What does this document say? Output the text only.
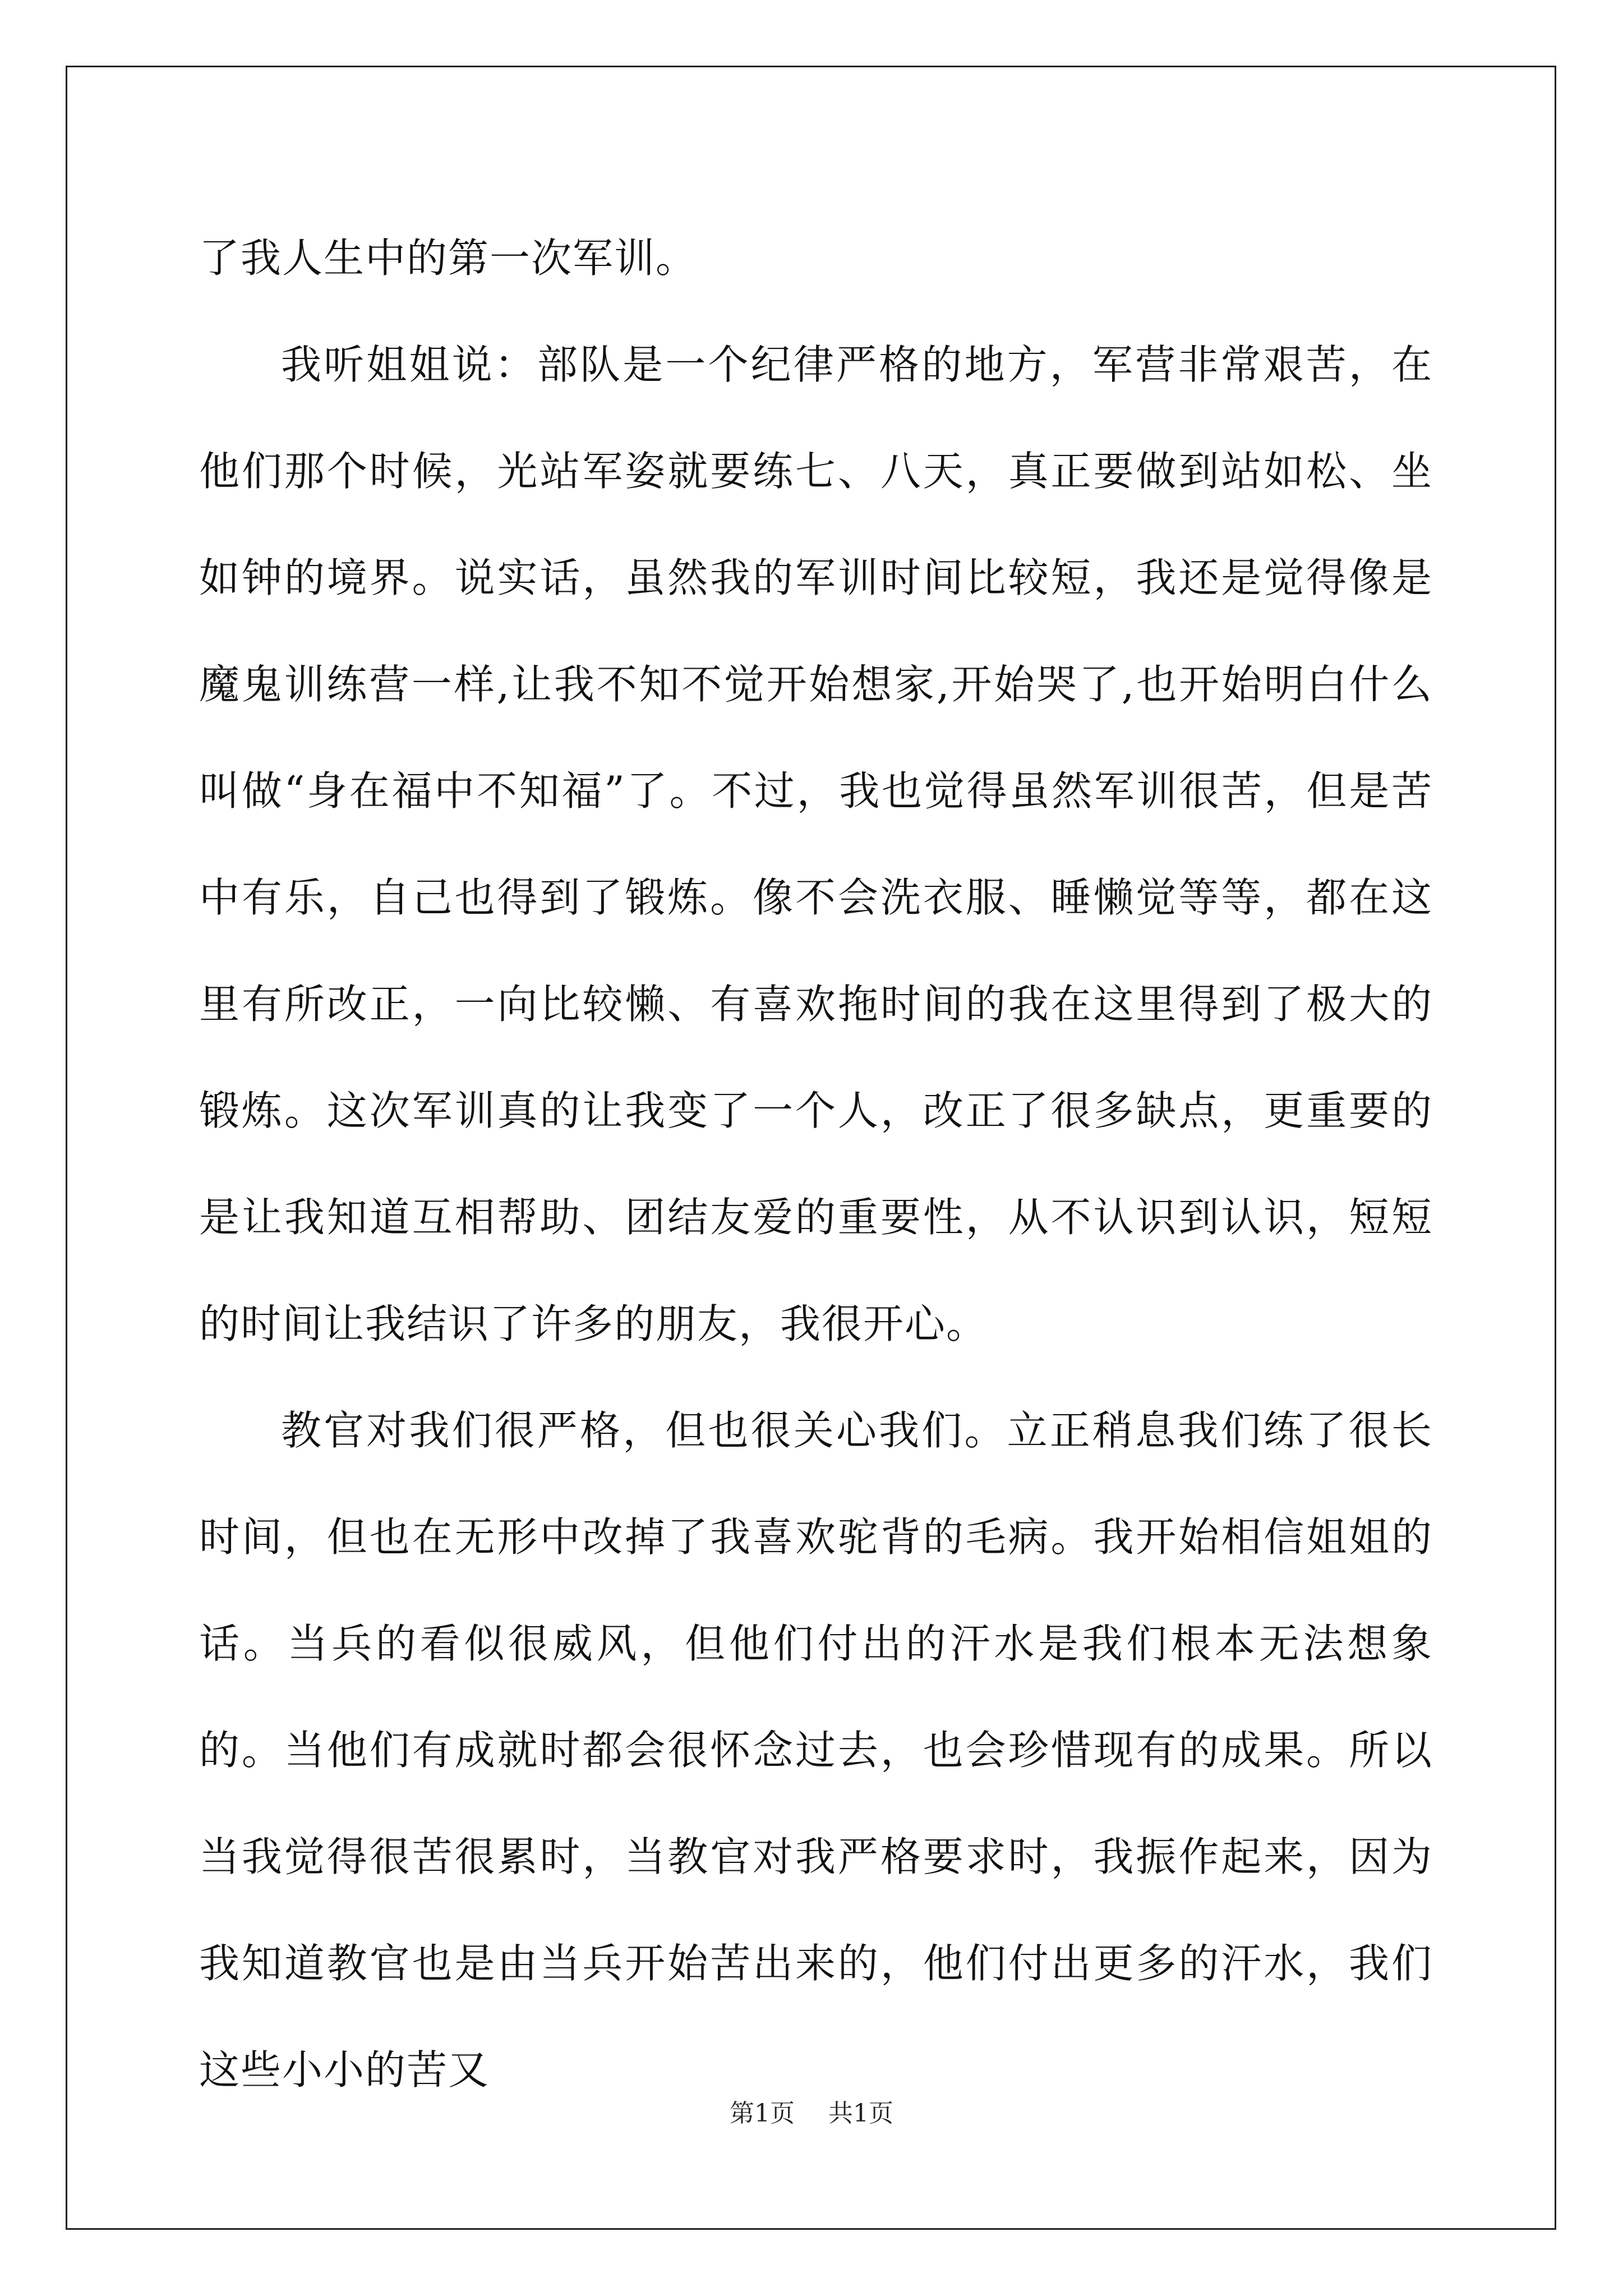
了我人生中的第一次军训。

我听姐姐说：部队是一个纪律严格的地方，军营非常艰苦，在他们那个时候，光站军姿就要练七、八天，真正要做到站如松、坐如钟的境界。说实话，虽然我的军训时间比较短，我还是觉得像是魔鬼训练营一样,让我不知不觉开始想家,开始哭了,也开始明白什么叫做“身在福中不知福”了。不过，我也觉得虽然军训很苦，但是苦中有乐，自己也得到了锻炼。像不会洗衣服、睡懒觉等等，都在这里有所改正，一向比较懒、有喜欢拖时间的我在这里得到了极大的锻炼。这次军训真的让我变了一个人，改正了很多缺点，更重要的是让我知道互相帮助、团结友爱的重要性，从不认识到认识，短短的时间让我结识了许多的朋友，我很开心。

教官对我们很严格，但也很关心我们。立正稍息我们练了很长时间，但也在无形中改掉了我喜欢驼背的毛病。我开始相信姐姐的话。当兵的看似很威风，但他们付出的汗水是我们根本无法想象的。当他们有成就时都会很怀念过去，也会珍惜现有的成果。所以当我觉得很苦很累时，当教官对我严格要求时，我振作起来，因为我知道教官也是由当兵开始苦出来的，他们付出更多的汗水，我们这些小小的苦又

第1页 共1页
